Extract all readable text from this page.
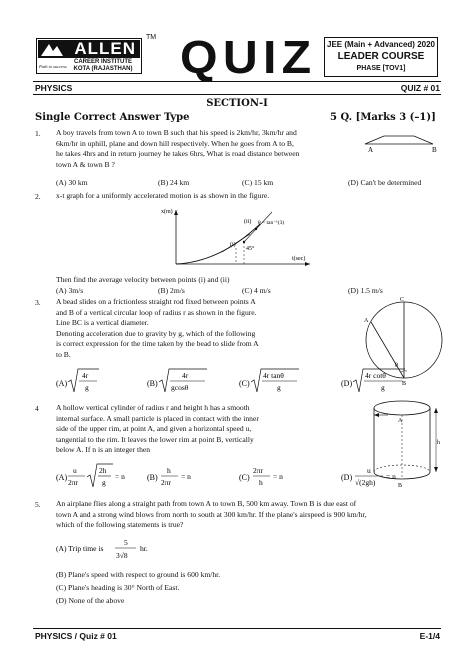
ALLEN
CAREER INSTITUTE
KOTA (RAJASTHAN)
Path to success
TM QUIZ JEE (Main + Advanced) 2020
LEADER COURSE
PHASE [TOV1]
PHYSICS	QUIZ # 01
SECTION-I
Single Correct Answer Type	5 Q. [Marks 3 (–1)]
1. A boy travels from town A to town B such that his speed is 2km/hr, 3km/hr and
6km/hr in uphill, plane and down hill respectively. When he goes from A to B,
he takes 4hrs and in return journey he takes 6hrs, What is road distance between
town A & town B ?
A	B
(A) 30 km	(B) 24 km	(C) 15 km	(D) Can't be determined
2. x-t graph for a uniformly accelerated motion is as shown in the figure.
x(m)
t(sec)
(i)
(ii)
45°
θ = tan⁻¹(3)
Then find the average velocity between points (i) and (ii)
(A) 3m/s	(B) 2m/s	(C) 4 m/s	(D) 1.5 m/s
3. A bead slides on a frictionless straight rod fixed between points A
and B of a vertical circular loop of radius r as shown in the figure.
Line BC is a vertical diameter.
Denoting acceleration due to gravity by g, which of the following
is correct expression for the time taken by the bead to slide from A
to B.
C
A
B
θ
(A)
4r
g	(B)
4r
gcosθ	(C)
4r tanθ
g	(D)
4r cotθ
g
4 A hollow vertical cylinder of radius r and height h has a smooth
internal surface. A small particle is placed in contact with the inner
side of the upper rim, at point A, and given a horizontal speed u,
tangential to the rim. It leaves the lower rim at point B, vertically
below A. If n is an integer then
A
B
h
(A)
u
2πr
2h
g
= n	(B)
h
2πr
= n	(C)
2πr
h
= n	(D)
u
√(2gh)
= n
5. An airplane flies along a straight path from town A to town B, 500 km away. Town B is due east of
town A and a strong wind blows from north to south at 300 km/hr. If the plane's airspeed is 900 km/hr,
which of the following statements is true?
(A) Trip time is
5
3√8
hr.
(B) Plane's speed with respect to ground is 600 km/hr.
(C) Plane's heading is 30° North of East.
(D) None of the above
PHYSICS / Quiz # 01	E-1/4
